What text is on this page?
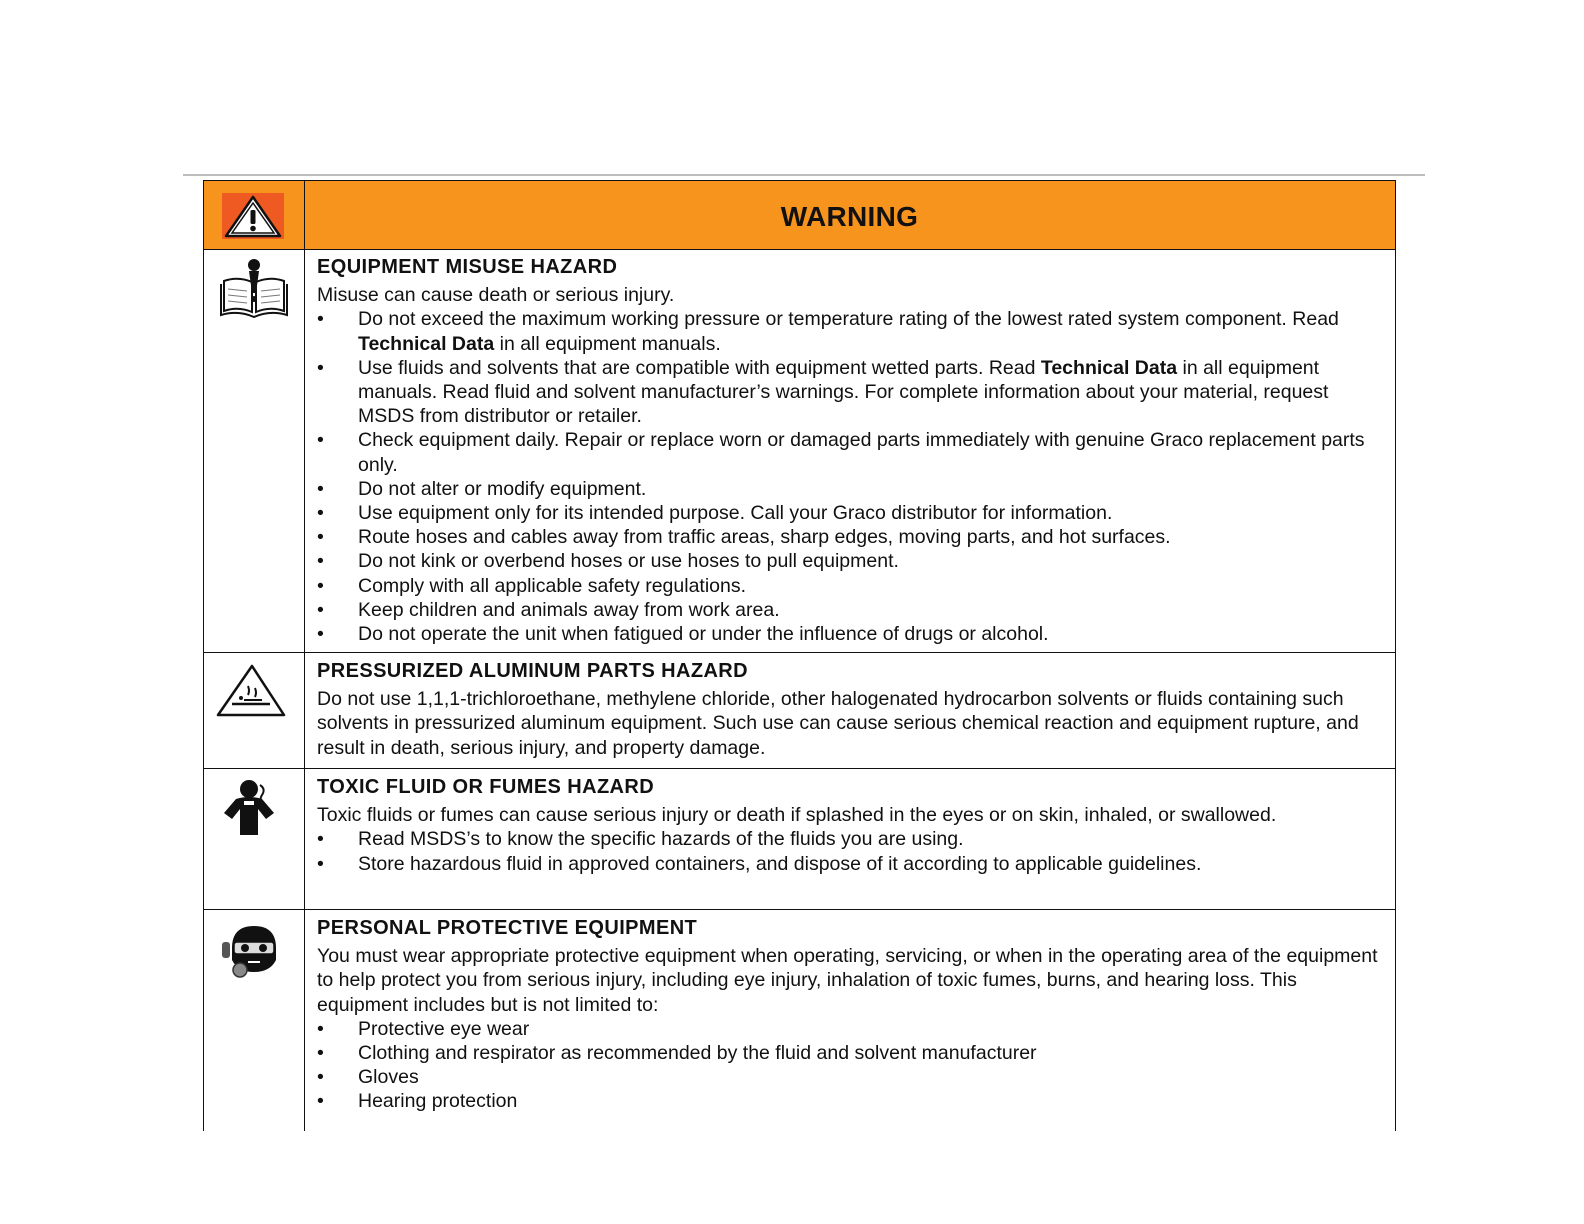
WARNING
EQUIPMENT MISUSE HAZARD

Misuse can cause death or serious injury.

• Do not exceed the maximum working pressure or temperature rating of the lowest rated system component. Read Technical Data in all equipment manuals.
• Use fluids and solvents that are compatible with equipment wetted parts. Read Technical Data in all equipment manuals. Read fluid and solvent manufacturer’s warnings. For complete information about your material, request MSDS from distributor or retailer.
• Check equipment daily. Repair or replace worn or damaged parts immediately with genuine Graco replacement parts only.
• Do not alter or modify equipment.
• Use equipment only for its intended purpose. Call your Graco distributor for information.
• Route hoses and cables away from traffic areas, sharp edges, moving parts, and hot surfaces.
• Do not kink or overbend hoses or use hoses to pull equipment.
• Comply with all applicable safety regulations.
• Keep children and animals away from work area.
• Do not operate the unit when fatigued or under the influence of drugs or alcohol.
PRESSURIZED ALUMINUM PARTS HAZARD

Do not use 1,1,1-trichloroethane, methylene chloride, other halogenated hydrocarbon solvents or fluids containing such solvents in pressurized aluminum equipment. Such use can cause serious chemical reaction and equipment rupture, and result in death, serious injury, and property damage.

TOXIC FLUID OR FUMES HAZARD

Toxic fluids or fumes can cause serious injury or death if splashed in the eyes or on skin, inhaled, or swallowed.

• Read MSDS’s to know the specific hazards of the fluids you are using.
• Store hazardous fluid in approved containers, and dispose of it according to applicable guidelines.
PERSONAL PROTECTIVE EQUIPMENT

You must wear appropriate protective equipment when operating, servicing, or when in the operating area of the equipment to help protect you from serious injury, including eye injury, inhalation of toxic fumes, burns, and hearing loss. This equipment includes but is not limited to:

• Protective eye wear
• Clothing and respirator as recommended by the fluid and solvent manufacturer
• Gloves
• Hearing protection
